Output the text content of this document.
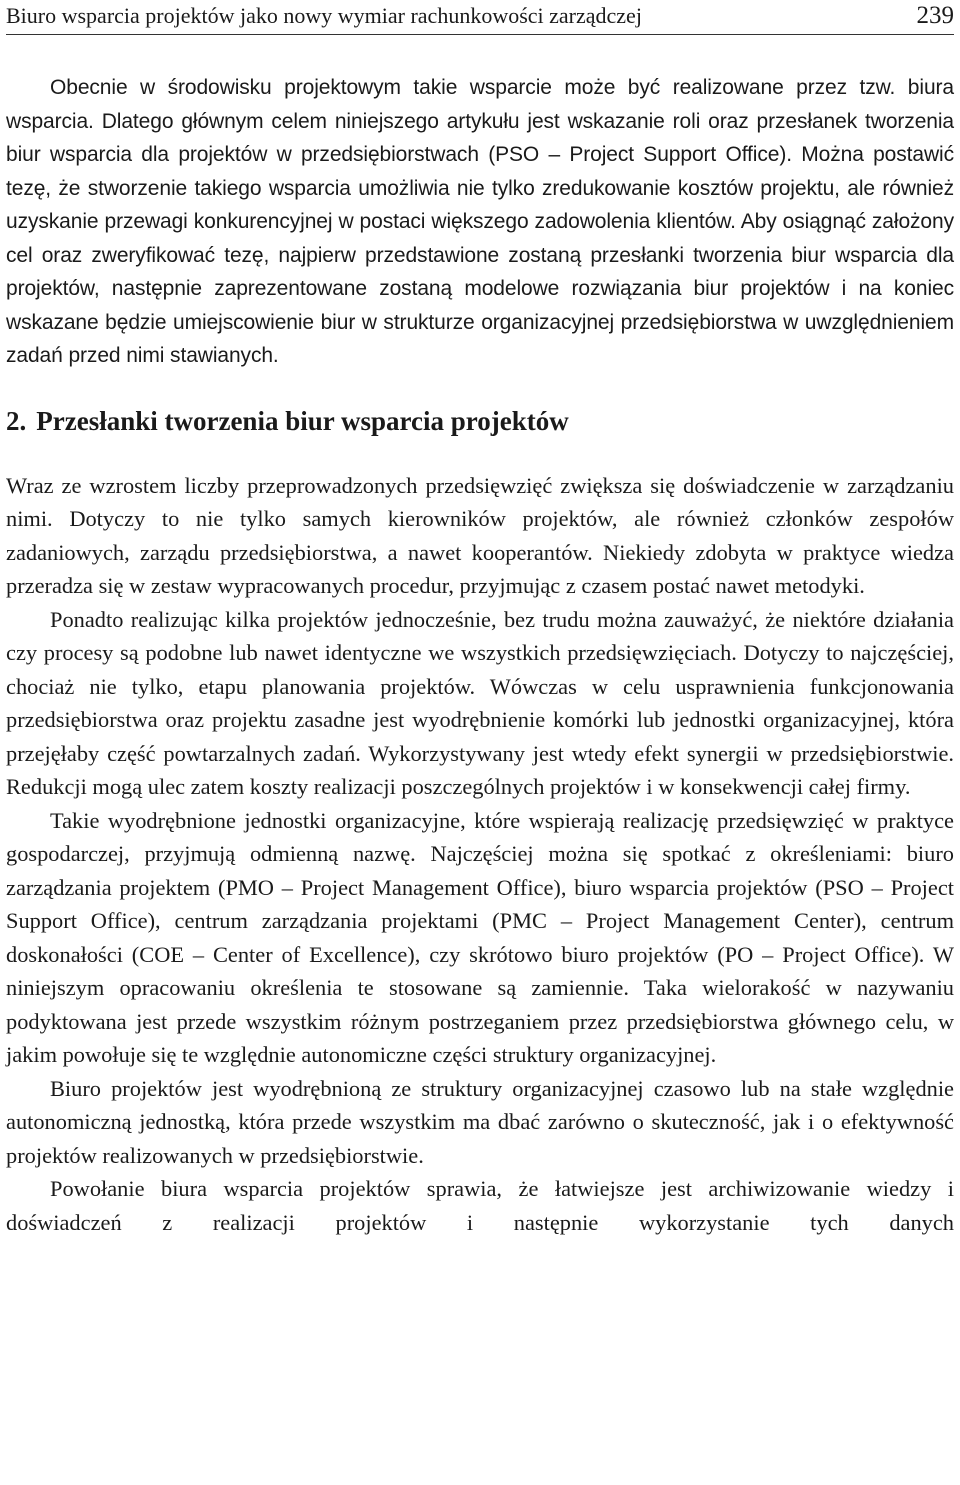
Biuro wsparcia projektów jako nowy wymiar rachunkowości zarządczej	239

Obecnie w środowisku projektowym takie wsparcie może być realizowane przez tzw. biura wsparcia. Dlatego głównym celem niniejszego artykułu jest wskazanie roli oraz przesłanek tworzenia biur wsparcia dla projektów w przedsiębiorstwach (PSO – Project Support Office). Można postawić tezę, że stworzenie takiego wsparcia umożliwia nie tylko zredukowanie kosztów projektu, ale również uzyskanie przewagi konkurencyjnej w postaci większego zadowolenia klientów. Aby osiągnąć założony cel oraz zweryfikować tezę, najpierw przedstawione zostaną przesłanki tworzenia biur wsparcia dla projektów, następnie zaprezentowane zostaną modelowe rozwiązania biur projektów i na koniec wskazane będzie umiejscowienie biur w strukturze organizacyjnej przedsiębiorstwa w uwzględnieniem zadań przed nimi stawianych.

2. Przesłanki tworzenia biur wsparcia projektów

Wraz ze wzrostem liczby przeprowadzonych przedsięwzięć zwiększa się doświadczenie w zarządzaniu nimi. Dotyczy to nie tylko samych kierowników projektów, ale również członków zespołów zadaniowych, zarządu przedsiębiorstwa, a nawet kooperantów. Niekiedy zdobyta w praktyce wiedza przeradza się w zestaw wypracowanych procedur, przyjmując z czasem postać nawet metodyki.

Ponadto realizując kilka projektów jednocześnie, bez trudu można zauważyć, że niektóre działania czy procesy są podobne lub nawet identyczne we wszystkich przedsięwzięciach. Dotyczy to najczęściej, chociaż nie tylko, etapu planowania projektów. Wówczas w celu usprawnienia funkcjonowania przedsiębiorstwa oraz projektu zasadne jest wyodrębnienie komórki lub jednostki organizacyjnej, która przejęłaby część powtarzalnych zadań. Wykorzystywany jest wtedy efekt synergii w przedsiębiorstwie. Redukcji mogą ulec zatem koszty realizacji poszczególnych projektów i w konsekwencji całej firmy.

Takie wyodrębnione jednostki organizacyjne, które wspierają realizację przedsięwzięć w praktyce gospodarczej, przyjmują odmienną nazwę. Najczęściej można się spotkać z określeniami: biuro zarządzania projektem (PMO – Project Management Office), biuro wsparcia projektów (PSO – Project Support Office), centrum zarządzania projektami (PMC – Project Management Center), centrum doskonałości (COE – Center of Excellence), czy skrótowo biuro projektów (PO – Project Office). W niniejszym opracowaniu określenia te stosowane są zamiennie. Taka wielorakość w nazywaniu podyktowana jest przede wszystkim różnym postrzeganiem przez przedsiębiorstwa głównego celu, w jakim powołuje się te względnie autonomiczne części struktury organizacyjnej.

Biuro projektów jest wyodrębnioną ze struktury organizacyjnej czasowo lub na stałe względnie autonomiczną jednostką, która przede wszystkim ma dbać zarówno o skuteczność, jak i o efektywność projektów realizowanych w przedsiębiorstwie.

Powołanie biura wsparcia projektów sprawia, że łatwiejsze jest archiwizowanie wiedzy i doświadczeń z realizacji projektów i następnie wykorzystanie tych danych
